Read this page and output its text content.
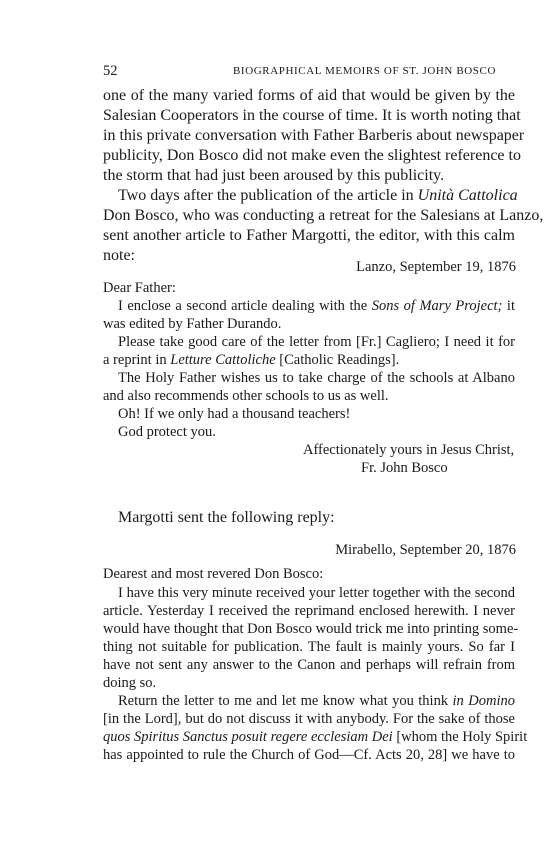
52	BIOGRAPHICAL MEMOIRS OF ST. JOHN BOSCO
one of the many varied forms of aid that would be given by the
Salesian Cooperators in the course of time. It is worth noting that
in this private conversation with Father Barberis about newspaper
publicity, Don Bosco did not make even the slightest reference to
the storm that had just been aroused by this publicity.
Two days after the publication of the article in Unità Cattolica
Don Bosco, who was conducting a retreat for the Salesians at Lanzo,
sent another article to Father Margotti, the editor, with this calm
note:
Lanzo, September 19, 1876
Dear Father:
I enclose a second article dealing with the Sons of Mary Project; it
was edited by Father Durando.
Please take good care of the letter from [Fr.] Cagliero; I need it for
a reprint in Letture Cattoliche [Catholic Readings].
The Holy Father wishes us to take charge of the schools at Albano
and also recommends other schools to us as well.
Oh! If we only had a thousand teachers!
God protect you.
Affectionately yours in Jesus Christ,
Fr. John Bosco
Margotti sent the following reply:
Mirabello, September 20, 1876
Dearest and most revered Don Bosco:
I have this very minute received your letter together with the second
article. Yesterday I received the reprimand enclosed herewith. I never
would have thought that Don Bosco would trick me into printing some-
thing not suitable for publication. The fault is mainly yours. So far I
have not sent any answer to the Canon and perhaps will refrain from
doing so.
Return the letter to me and let me know what you think in Domino
[in the Lord], but do not discuss it with anybody. For the sake of those
quos Spiritus Sanctus posuit regere ecclesiam Dei [whom the Holy Spirit
has appointed to rule the Church of God—Cf. Acts 20, 28] we have to
